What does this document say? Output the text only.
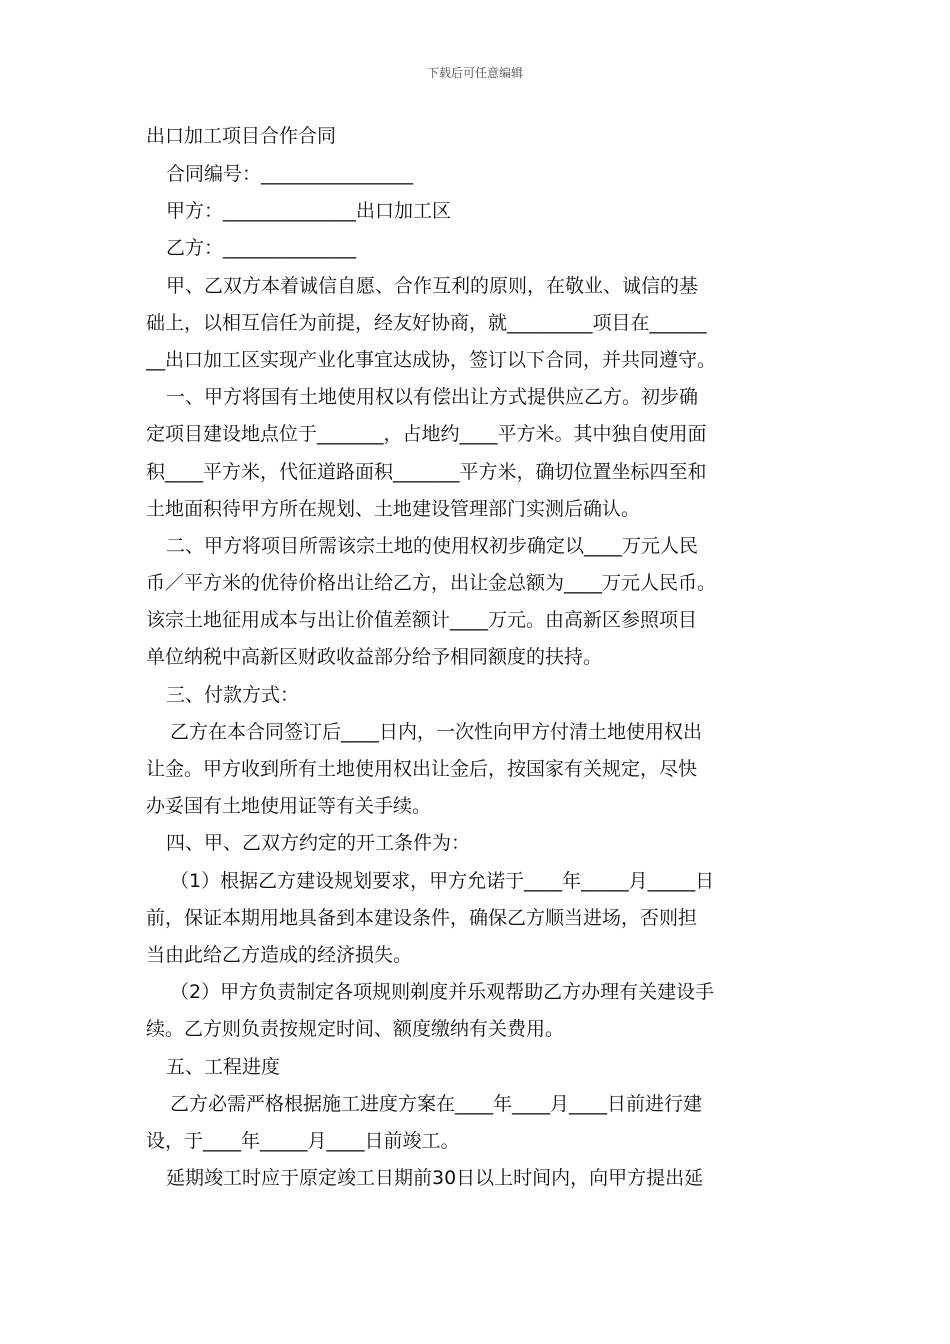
下载后可任意编辑
出口加工项目合作合同
合同编号：________________
甲方：______________出口加工区
乙方：______________
甲、乙双方本着诚信自愿、合作互利的原则，在敬业、诚信的基
础上，以相互信任为前提，经友好协商，就_________项目在______
__出口加工区实现产业化事宜达成协，签订以下合同，并共同遵守。
一、甲方将国有土地使用权以有偿出让方式提供应乙方。初步确
定项目建设地点位于_______，占地约____平方米。其中独自使用面
积____平方米，代征道路面积_______平方米，确切位置坐标四至和
土地面积待甲方所在规划、土地建设管理部门实测后确认。
二、甲方将项目所需该宗土地的使用权初步确定以____万元人民
币／平方米的优待价格出让给乙方，出让金总额为____万元人民币。
该宗土地征用成本与出让价值差额计____万元。由高新区参照项目
单位纳税中高新区财政收益部分给予相同额度的扶持。
三、付款方式：
乙方在本合同签订后____日内，一次性向甲方付清土地使用权出
让金。甲方收到所有土地使用权出让金后，按国家有关规定，尽快
办妥国有土地使用证等有关手续。
四、甲、乙双方约定的开工条件为：
（1）根据乙方建设规划要求，甲方允诺于____年_____月_____日
前，保证本期用地具备到本建设条件，确保乙方顺当进场，否则担
当由此给乙方造成的经济损失。
（2）甲方负责制定各项规则剃度并乐观帮助乙方办理有关建设手
续。乙方则负责按规定时间、额度缴纳有关费用。
五、工程进度
乙方必需严格根据施工进度方案在____年____月____日前进行建
设，于____年_____月____日前竣工。
延期竣工时应于原定竣工日期前30日以上时间内，向甲方提出延
